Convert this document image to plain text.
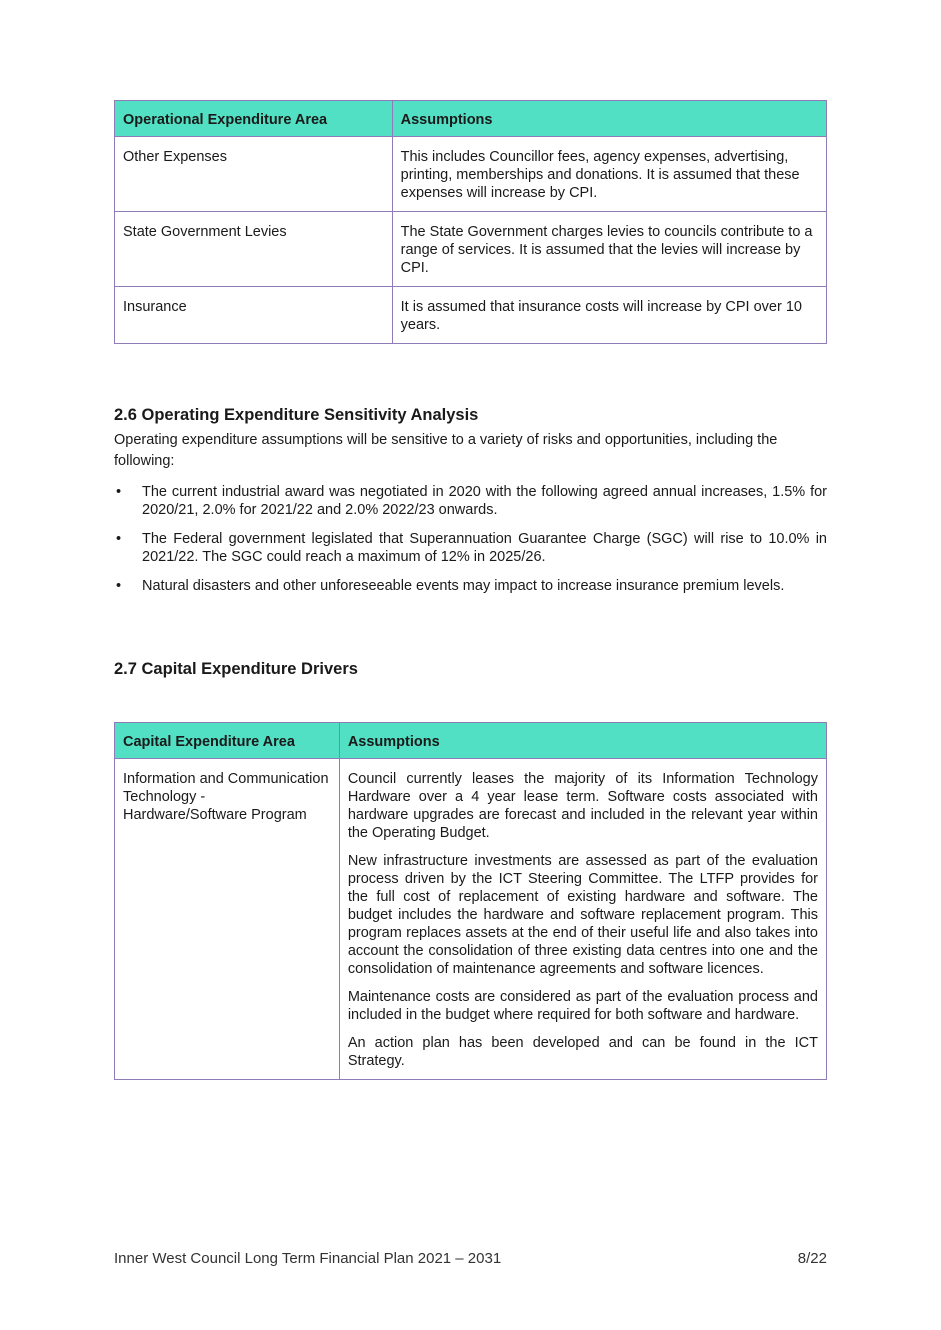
Operational Expenditure Area	Assumptions
Other Expenses	This includes Councillor fees, agency expenses, advertising, printing, memberships and donations. It is assumed that these expenses will increase by CPI.
State Government Levies	The State Government charges levies to councils contribute to a range of services. It is assumed that the levies will increase by CPI.
Insurance	It is assumed that insurance costs will increase by CPI over 10 years.
2.6 Operating Expenditure Sensitivity Analysis

Operating expenditure assumptions will be sensitive to a variety of risks and opportunities, including the following:

• The current industrial award was negotiated in 2020 with the following agreed annual increases, 1.5% for 2020/21, 2.0% for 2021/22 and 2.0% 2022/23 onwards.
• The Federal government legislated that Superannuation Guarantee Charge (SGC) will rise to 10.0% in 2021/22. The SGC could reach a maximum of 12% in 2025/26.
• Natural disasters and other unforeseeable events may impact to increase insurance premium levels.
2.7 Capital Expenditure Drivers
Capital Expenditure Area	Assumptions
Information and Communication Technology - Hardware/Software Program	Council currently leases the majority of its Information Technology Hardware over a 4 year lease term. Software costs associated with hardware upgrades are forecast and included in the relevant year within the Operating Budget.

New infrastructure investments are assessed as part of the evaluation process driven by the ICT Steering Committee. The LTFP provides for the full cost of replacement of existing hardware and software. The budget includes the hardware and software replacement program. This program replaces assets at the end of their useful life and also takes into account the consolidation of three existing data centres into one and the consolidation of maintenance agreements and software licences.

Maintenance costs are considered as part of the evaluation process and included in the budget where required for both software and hardware.

An action plan has been developed and can be found in the ICT Strategy.

Inner West Council Long Term Financial Plan 2021 – 2031	8/22
